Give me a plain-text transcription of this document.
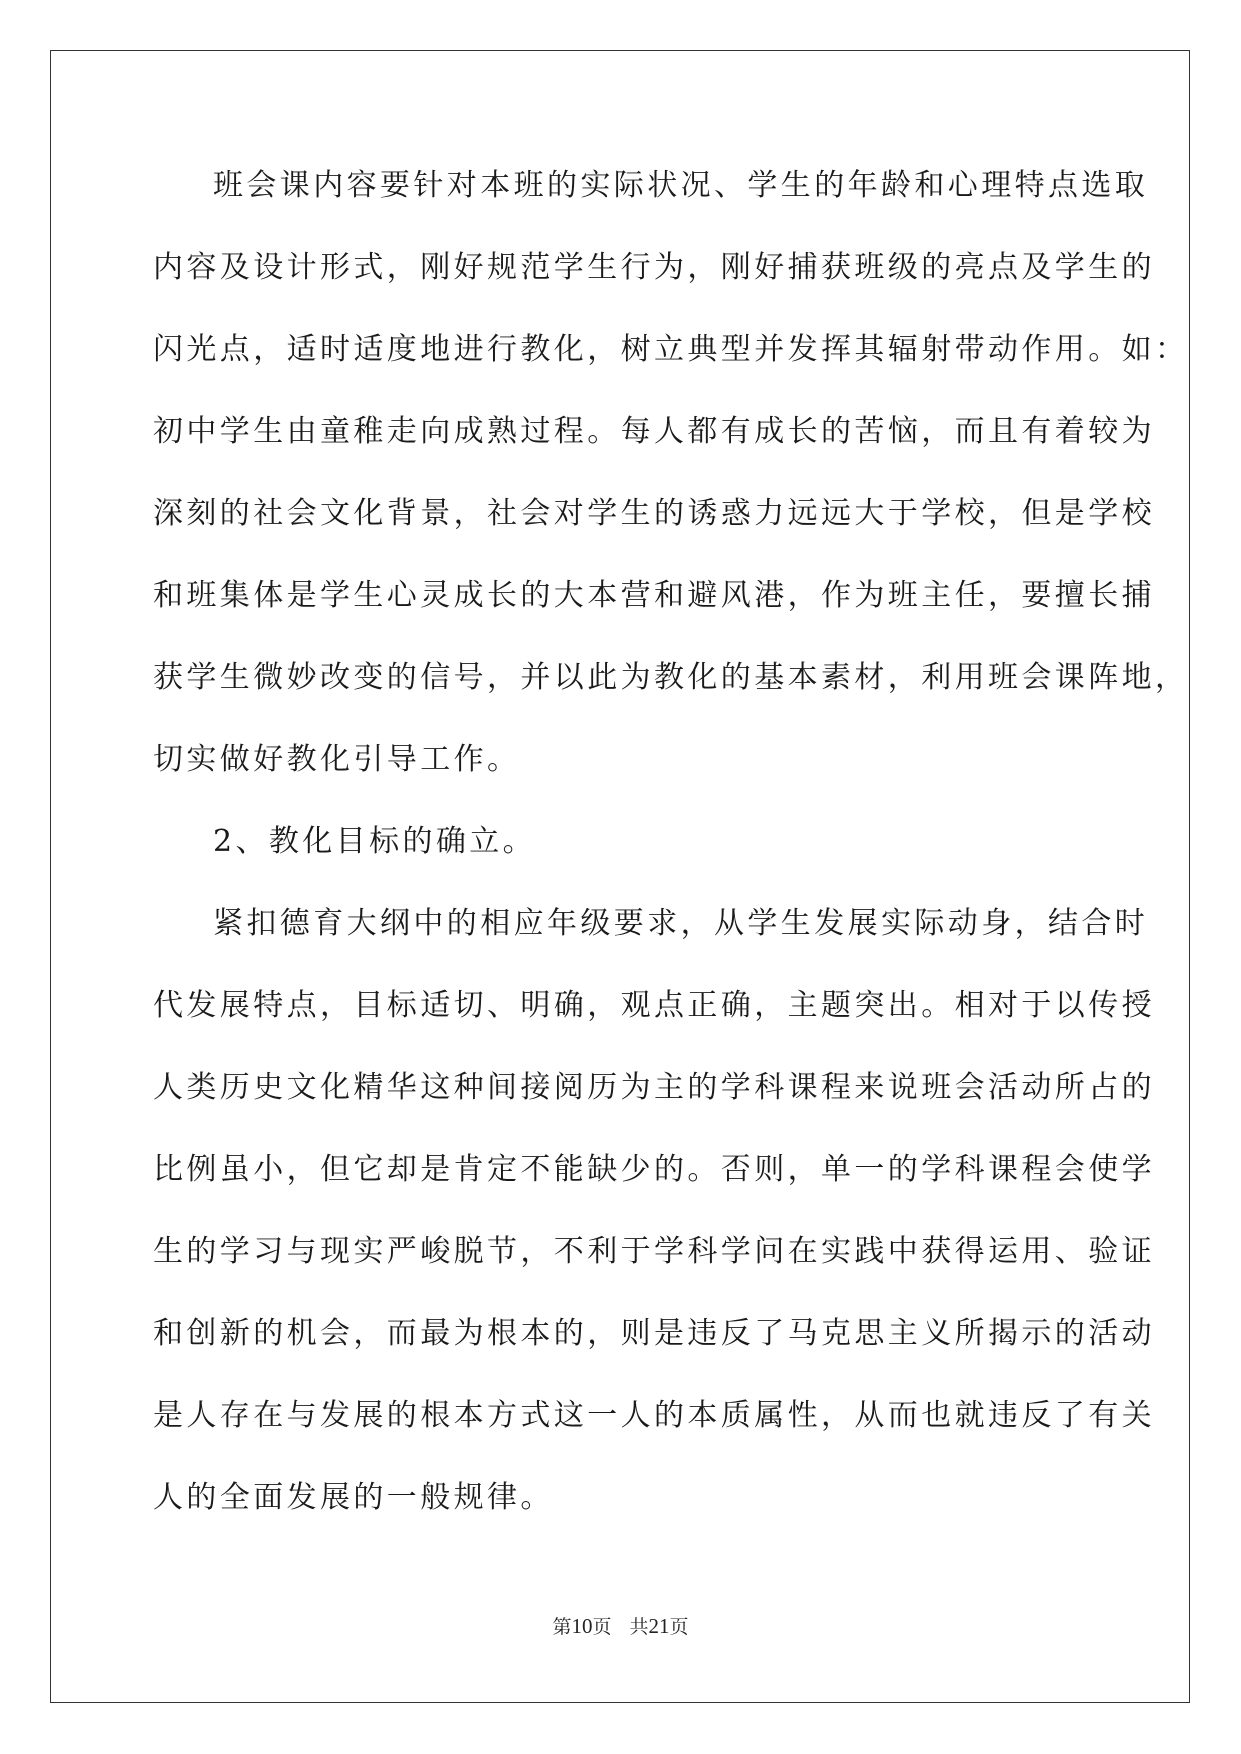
班会课内容要针对本班的实际状况、学生的年龄和心理特点选取
内容及设计形式，刚好规范学生行为，刚好捕获班级的亮点及学生的
闪光点，适时适度地进行教化，树立典型并发挥其辐射带动作用。如：
初中学生由童稚走向成熟过程。每人都有成长的苦恼，而且有着较为
深刻的社会文化背景，社会对学生的诱惑力远远大于学校，但是学校
和班集体是学生心灵成长的大本营和避风港，作为班主任，要擅长捕
获学生微妙改变的信号，并以此为教化的基本素材，利用班会课阵地，
切实做好教化引导工作。
2、教化目标的确立。
紧扣德育大纲中的相应年级要求，从学生发展实际动身，结合时
代发展特点，目标适切、明确，观点正确，主题突出。相对于以传授
人类历史文化精华这种间接阅历为主的学科课程来说班会活动所占的
比例虽小，但它却是肯定不能缺少的。否则，单一的学科课程会使学
生的学习与现实严峻脱节，不利于学科学问在实践中获得运用、验证
和创新的机会，而最为根本的，则是违反了马克思主义所揭示的活动
是人存在与发展的根本方式这一人的本质属性，从而也就违反了有关
人的全面发展的一般规律。
第10页 共21页
